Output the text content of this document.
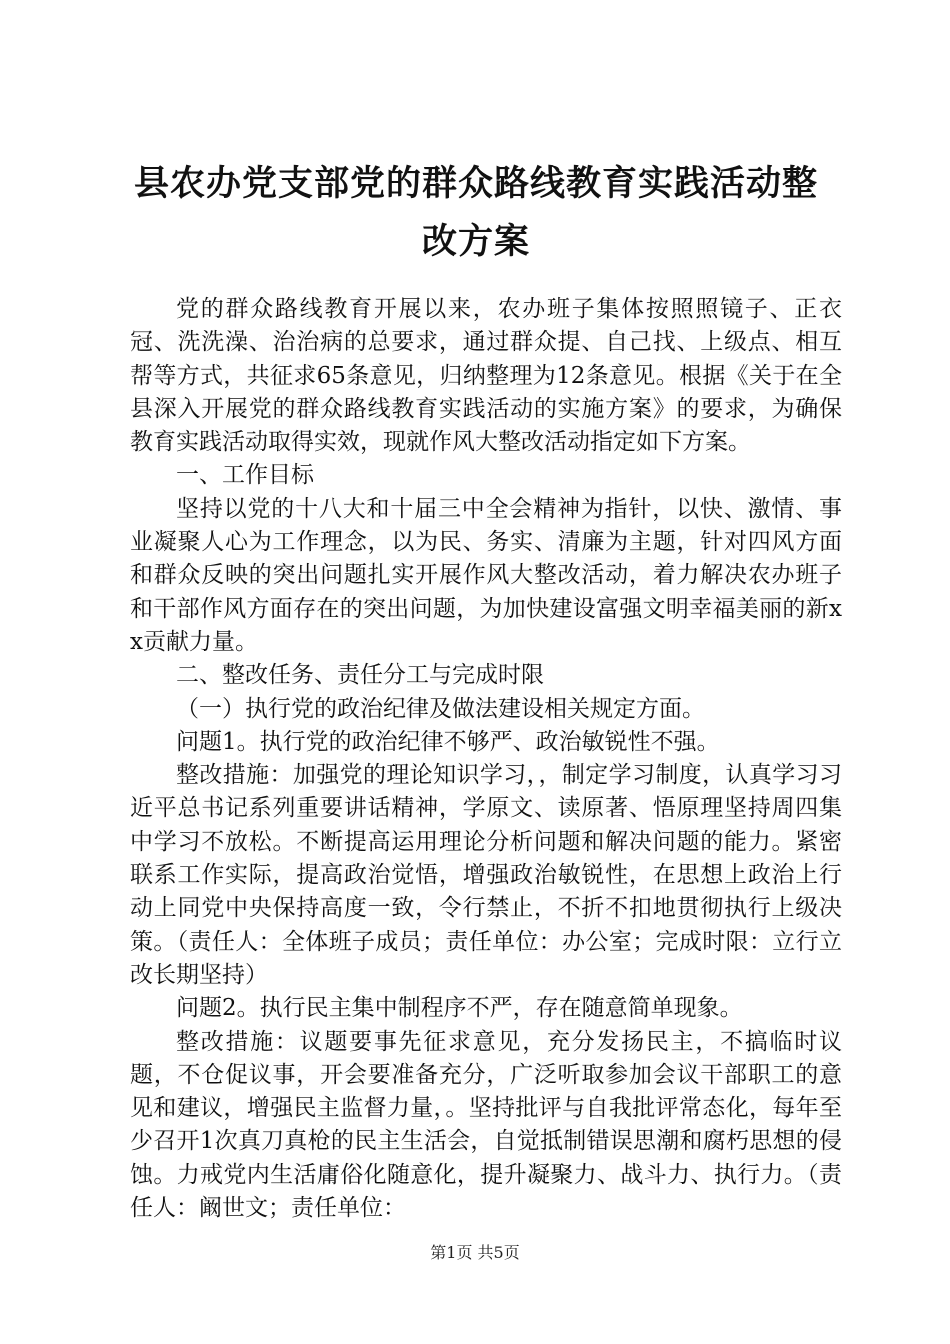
县农办党支部党的群众路线教育实践活动整改方案

党的群众路线教育开展以来，农办班子集体按照照镜子、正衣冠、洗洗澡、治治病的总要求，通过群众提、自己找、上级点、相互帮等方式，共征求65条意见，归纳整理为12条意见。根据《关于在全县深入开展党的群众路线教育实践活动的实施方案》的要求，为确保教育实践活动取得实效，现就作风大整改活动指定如下方案。

一、工作目标

坚持以党的十八大和十届三中全会精神为指针，以快、激情、事业凝聚人心为工作理念，以为民、务实、清廉为主题，针对四风方面和群众反映的突出问题扎实开展作风大整改活动，着力解决农办班子和干部作风方面存在的突出问题，为加快建设富强文明幸福美丽的新xx贡献力量。

二、整改任务、责任分工与完成时限

（一）执行党的政治纪律及做法建设相关规定方面。

问题1。执行党的政治纪律不够严、政治敏锐性不强。

整改措施：加强党的理论知识学习，，制定学习制度，认真学习习近平总书记系列重要讲话精神，学原文、读原著、悟原理坚持周四集中学习不放松。不断提高运用理论分析问题和解决问题的能力。紧密联系工作实际，提高政治觉悟，增强政治敏锐性，在思想上政治上行动上同党中央保持高度一致，令行禁止，不折不扣地贯彻执行上级决策。（责任人：全体班子成员；责任单位：办公室；完成时限：立行立改长期坚持）

问题2。执行民主集中制程序不严，存在随意简单现象。

整改措施：议题要事先征求意见，充分发扬民主，不搞临时议题，不仓促议事，开会要准备充分，广泛听取参加会议干部职工的意见和建议，增强民主监督力量，。坚持批评与自我批评常态化，每年至少召开1次真刀真枪的民主生活会，自觉抵制错误思潮和腐朽思想的侵蚀。力戒党内生活庸俗化随意化，提升凝聚力、战斗力、执行力。（责任人：阚世文；责任单位：

第1页 共5页
